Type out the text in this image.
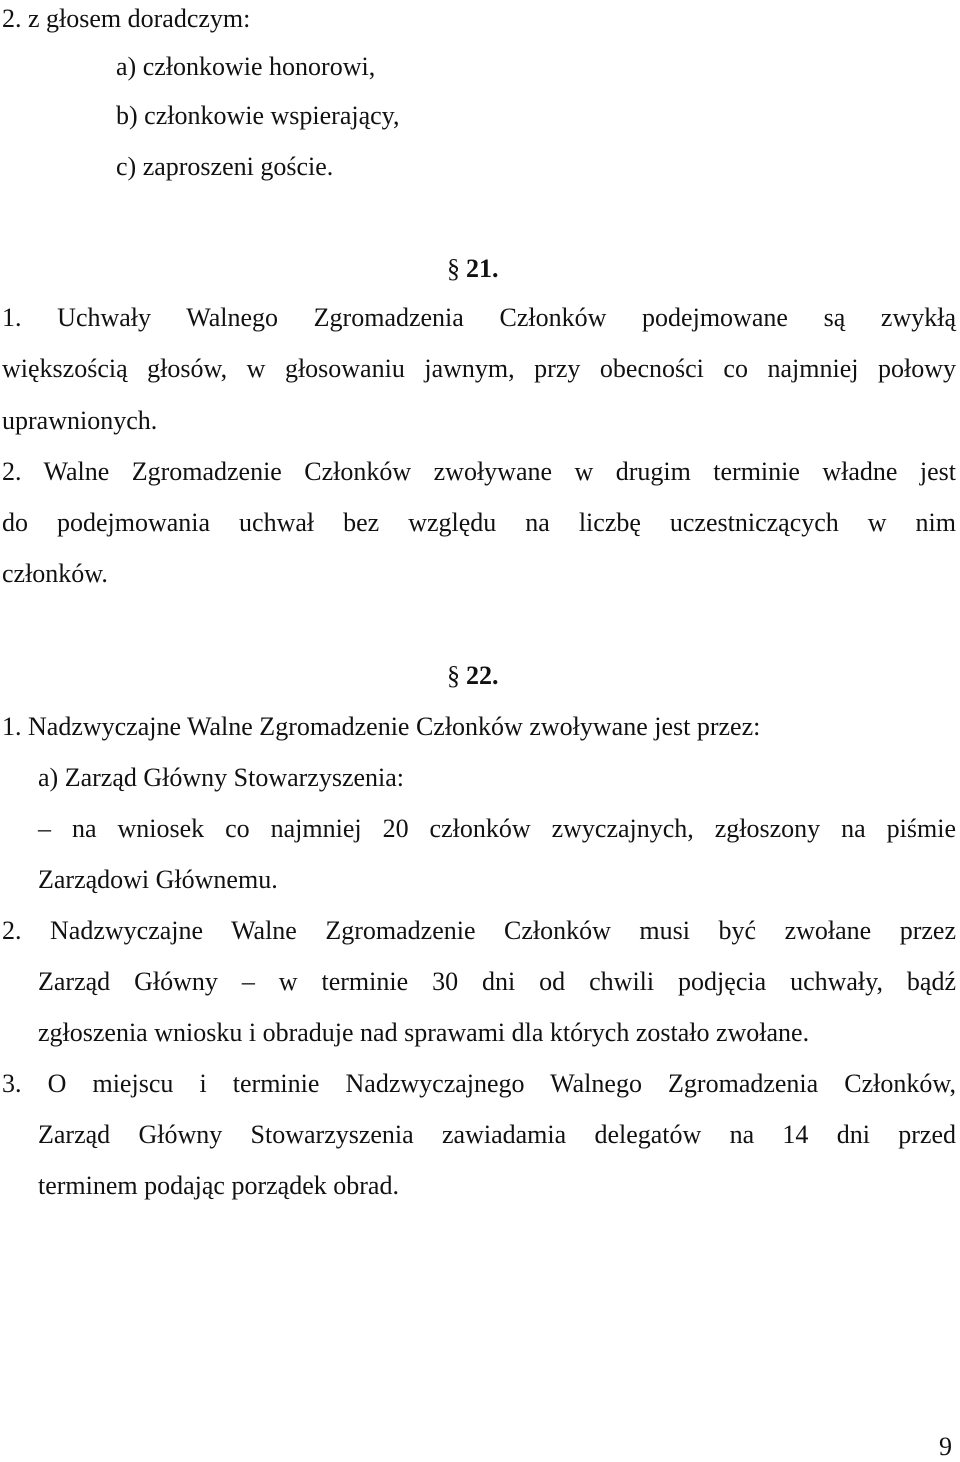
2. z głosem doradczym:
a) członkowie honorowi,
b) członkowie wspierający,
c) zaproszeni goście.
§ 21.
1. Uchwały Walnego Zgromadzenia Członków podejmowane są zwykłą
większością głosów, w głosowaniu jawnym, przy obecności co najmniej połowy
uprawnionych.
2. Walne Zgromadzenie Członków zwoływane w drugim terminie władne jest
do podejmowania uchwał bez względu na liczbę uczestniczących w nim
członków.
§ 22.
1. Nadzwyczajne Walne Zgromadzenie Członków zwoływane jest przez:
a) Zarząd Główny Stowarzyszenia:
– na wniosek co najmniej 20 członków zwyczajnych, zgłoszony na piśmie
Zarządowi Głównemu.
2. Nadzwyczajne Walne Zgromadzenie Członków musi być zwołane przez
Zarząd Główny – w terminie 30 dni od chwili podjęcia uchwały, bądź
zgłoszenia wniosku i obraduje nad sprawami dla których zostało zwołane.
3. O miejscu i terminie Nadzwyczajnego Walnego Zgromadzenia Członków,
Zarząd Główny Stowarzyszenia zawiadamia delegatów na 14 dni przed
terminem podając porządek obrad.
9
